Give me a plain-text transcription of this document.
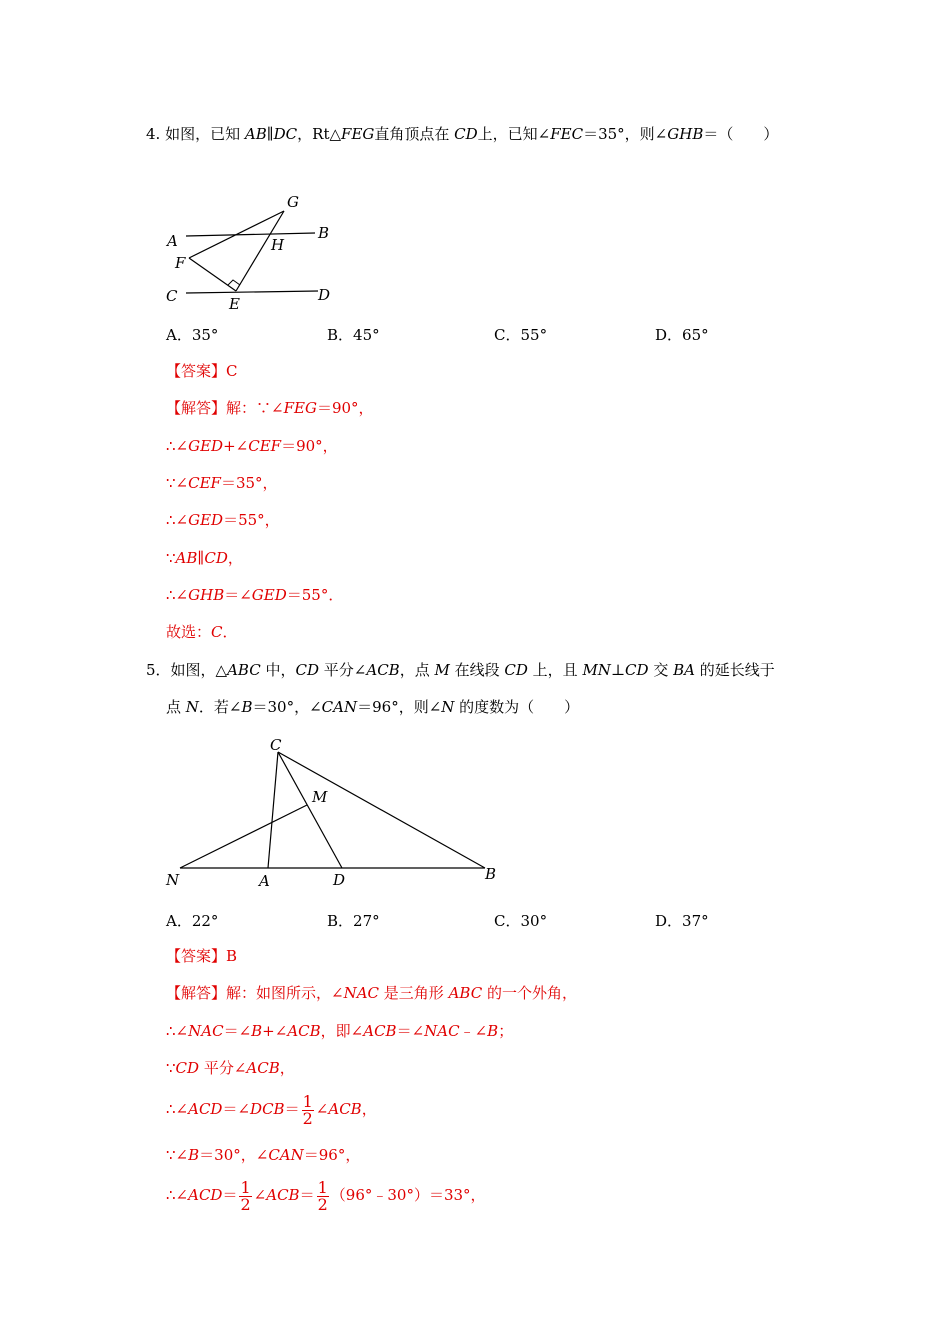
4. 如图，已知 AB∥DC，Rt△FEG直角顶点在 CD上，已知∠FEC＝35°，则∠GHB＝（　　）
G
A	H
B
F
C	E	D
A．35°	B．45°	C．55°	D．65°
【答案】C
【解答】解：∵∠FEG＝90°，
∴∠GED+∠CEF＝90°，
∵∠CEF＝35°，
∴∠GED＝55°，
∵AB∥CD，
∴∠GHB＝∠GED＝55°．
故选：C．
5．如图，△ABC 中，CD 平分∠ACB，点 M 在线段 CD 上，且 MN⊥CD 交 BA 的延长线于
点 N．若∠B＝30°，∠CAN＝96°，则∠N 的度数为（　　）
C
M
N	A	D	B
A．22°	B．27°	C．30°	D．37°
【答案】B
【解答】解：如图所示，∠NAC 是三角形 ABC 的一个外角，
∴∠NAC＝∠B+∠ACB，即∠ACB＝∠NAC﹣∠B；
∵CD 平分∠ACB，
∴∠ACD＝∠DCB＝ $\frac{1}{2}$ ∠ACB，
∵∠B＝30°，∠CAN＝96°，
∴∠ACD＝ $\frac{1}{2}$ ∠ACB＝ $\frac{1}{2}$ （96°﹣30°）＝33°，
